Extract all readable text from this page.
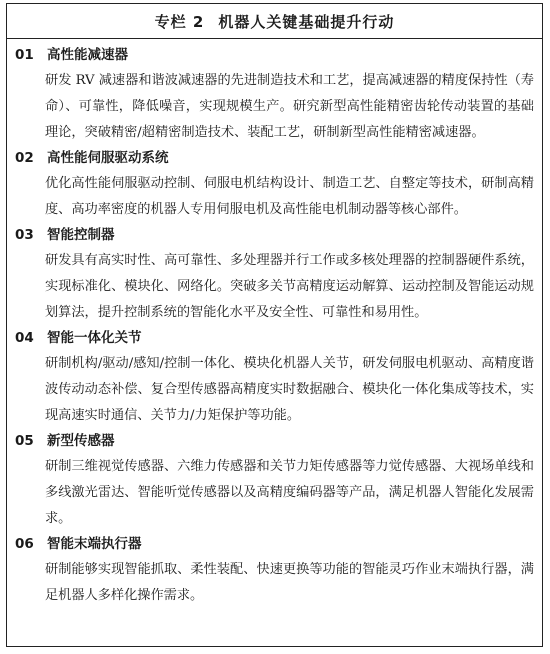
专栏 2 机器人关键基础提升行动
01 高性能减速器

研发 RV 减速器和谐波减速器的先进制造技术和工艺，提高减速器的精度保持性（寿命）、可靠性，降低噪音，实现规模生产。研究新型高性能精密齿轮传动装置的基础理论，突破精密/超精密制造技术、装配工艺，研制新型高性能精密减速器。

02 高性能伺服驱动系统

优化高性能伺服驱动控制、伺服电机结构设计、制造工艺、自整定等技术，研制高精度、高功率密度的机器人专用伺服电机及高性能电机制动器等核心部件。

03 智能控制器

研发具有高实时性、高可靠性、多处理器并行工作或多核处理器的控制器硬件系统，实现标准化、模块化、网络化。突破多关节高精度运动解算、运动控制及智能运动规划算法，提升控制系统的智能化水平及安全性、可靠性和易用性。

04 智能一体化关节

研制机构/驱动/感知/控制一体化、模块化机器人关节，研发伺服电机驱动、高精度谐波传动动态补偿、复合型传感器高精度实时数据融合、模块化一体化集成等技术，实现高速实时通信、关节力/力矩保护等功能。

05 新型传感器

研制三维视觉传感器、六维力传感器和关节力矩传感器等力觉传感器、大视场单线和多线激光雷达、智能听觉传感器以及高精度编码器等产品，满足机器人智能化发展需求。

06 智能末端执行器

研制能够实现智能抓取、柔性装配、快速更换等功能的智能灵巧作业末端执行器，满足机器人多样化操作需求。
